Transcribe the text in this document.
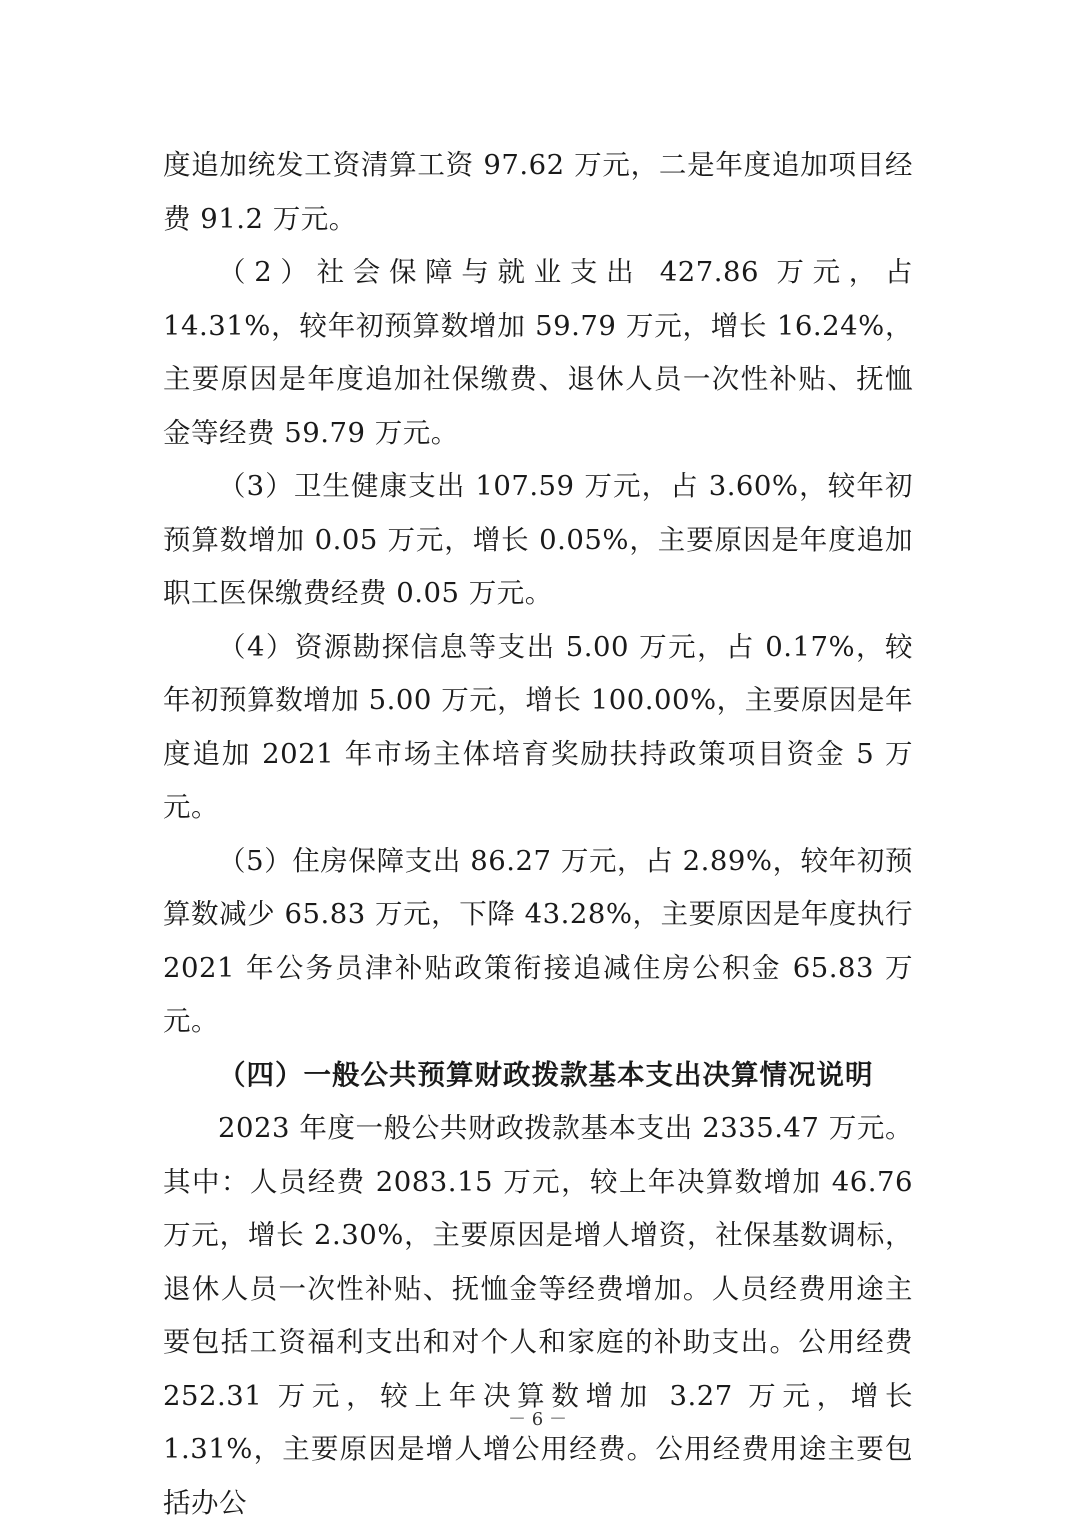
度追加统发工资清算工资 97.62 万元，二是年度追加项目经费 91.2 万元。

（2）社会保障与就业支出 427.86 万元，占 14.31%，较年初预算数增加 59.79 万元，增长 16.24%，主要原因是年度追加社保缴费、退休人员一次性补贴、抚恤金等经费 59.79 万元。

（3）卫生健康支出 107.59 万元，占 3.60%，较年初预算数增加 0.05 万元，增长 0.05%，主要原因是年度追加职工医保缴费经费 0.05 万元。

（4）资源勘探信息等支出 5.00 万元，占 0.17%，较年初预算数增加 5.00 万元，增长 100.00%，主要原因是年度追加 2021 年市场主体培育奖励扶持政策项目资金 5 万元。

（5）住房保障支出 86.27 万元，占 2.89%，较年初预算数减少 65.83 万元，下降 43.28%，主要原因是年度执行 2021 年公务员津补贴政策衔接追减住房公积金 65.83 万元。

（四）一般公共预算财政拨款基本支出决算情况说明

2023 年度一般公共财政拨款基本支出 2335.47 万元。其中：人员经费 2083.15 万元，较上年决算数增加 46.76 万元，增长 2.30%，主要原因是增人增资，社保基数调标，退休人员一次性补贴、抚恤金等经费增加。人员经费用途主要包括工资福利支出和对个人和家庭的补助支出。公用经费 252.31 万元，较上年决算数增加 3.27 万元，增长 1.31%，主要原因是增人增公用经费。公用经费用途主要包括办公

－ 6 －
